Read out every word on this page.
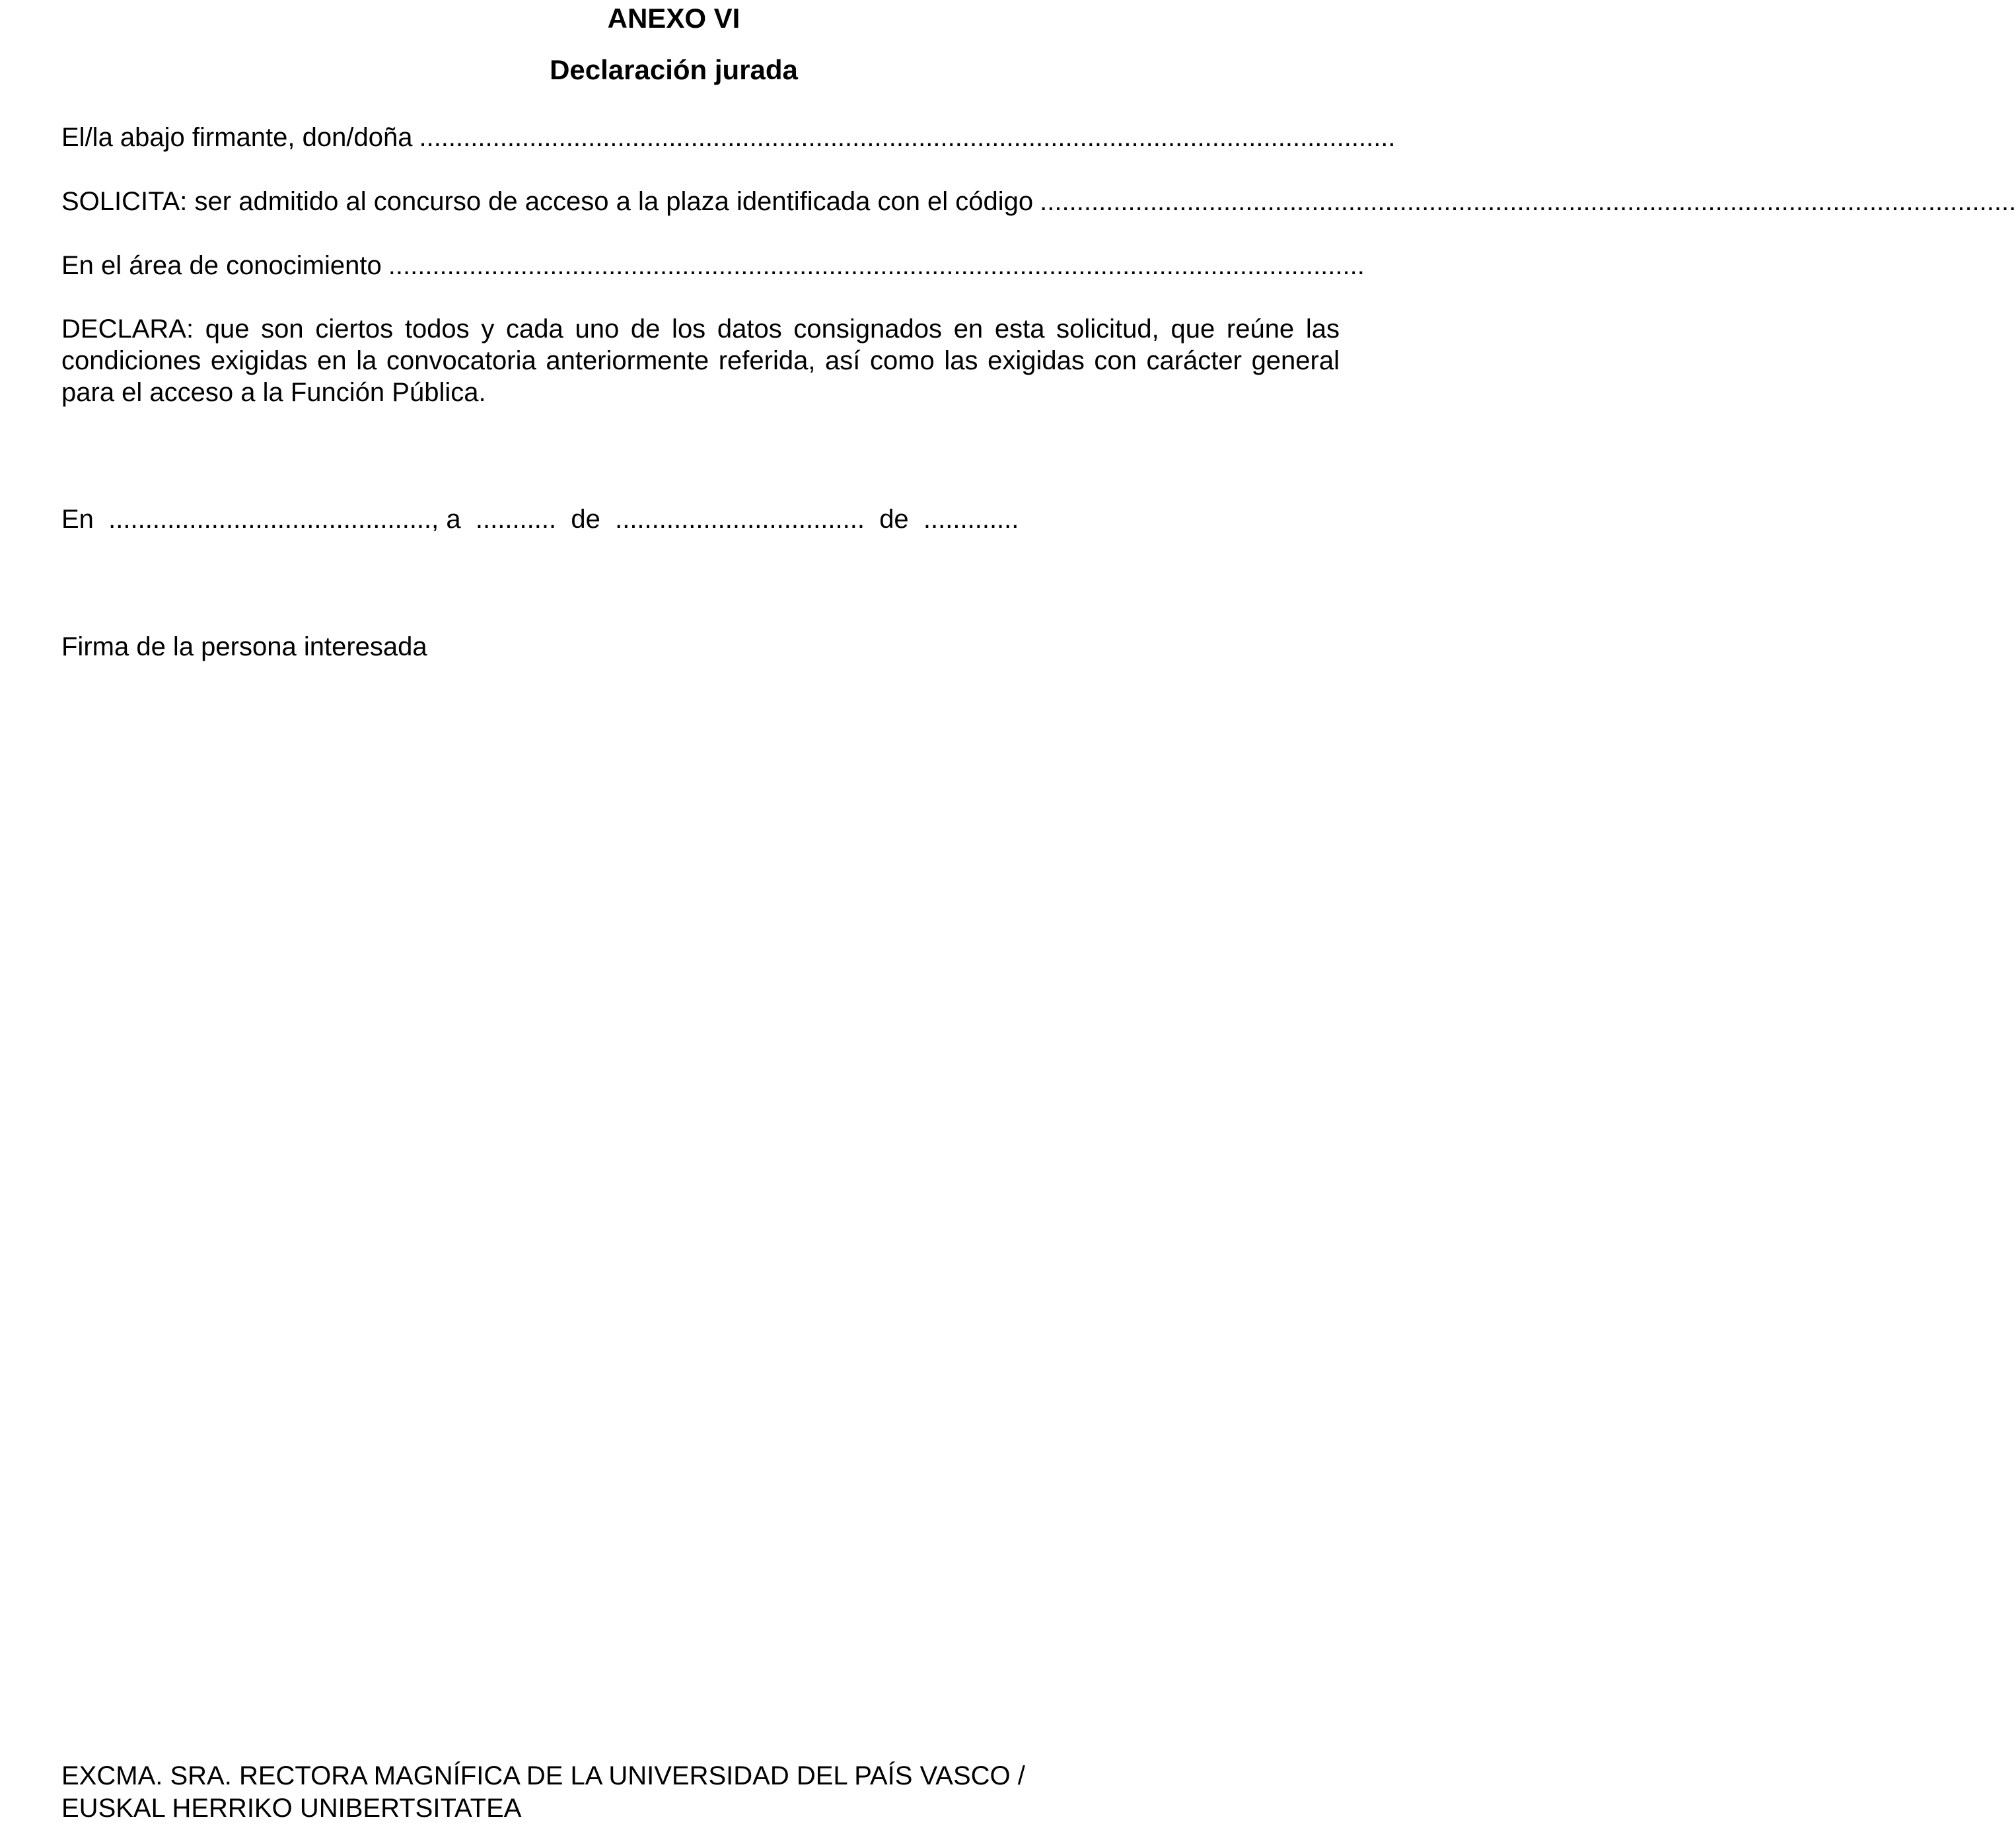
ANEXO VI
Declaración jurada
El/la abajo firmante, don/doña .....................................................................................................................................
SOLICITA: ser admitido al concurso de acceso a la plaza identificada con el código .....................................................................................................................................
En el área de conocimiento .....................................................................................................................................
DECLARA: que son ciertos todos y cada uno de los datos consignados en esta solicitud, que reúne las condiciones exigidas en la convocatoria anteriormente referida, así como las exigidas con carácter general para el acceso a la Función Pública.
En ............................................, a ........... de .................................. de .............
Firma de la persona interesada
EXCMA. SRA. RECTORA MAGNÍFICA DE LA UNIVERSIDAD DEL PAÍS VASCO /
EUSKAL HERRIKO UNIBERTSITATEA
